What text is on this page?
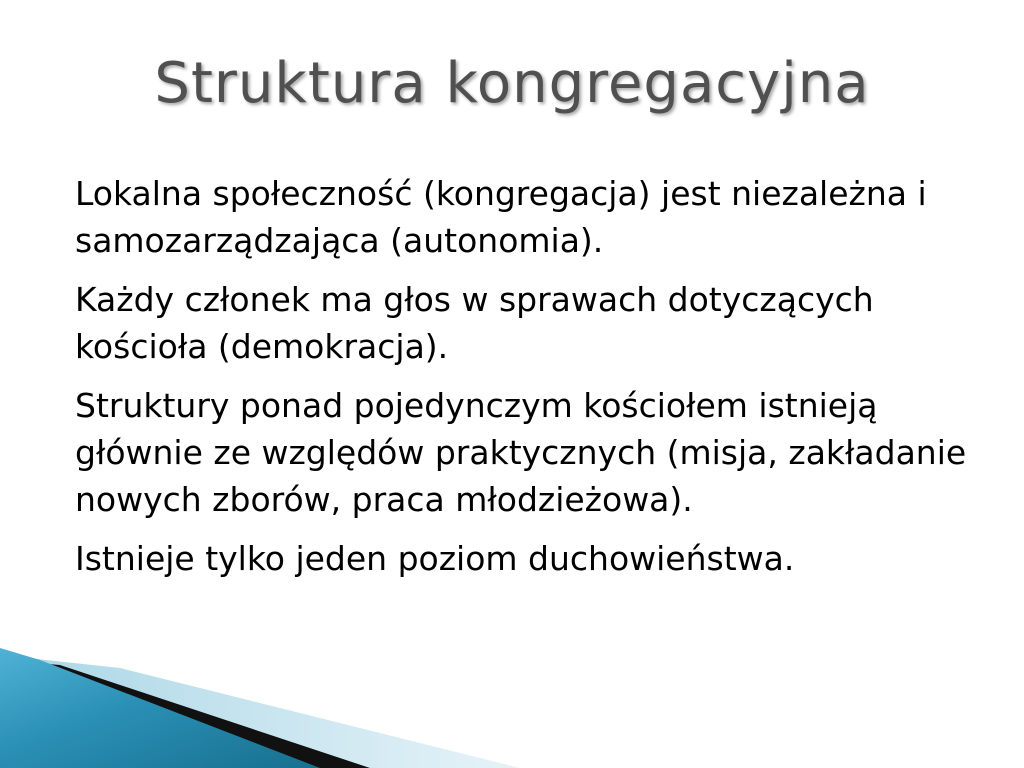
Struktura kongregacyjna

Lokalna społeczność (kongregacja) jest niezależna i samozarządzająca (autonomia).

Każdy członek ma głos w sprawach dotyczących kościoła (demokracja).

Struktury ponad pojedynczym kościołem istnieją głównie ze względów praktycznych (misja, zakładanie nowych zborów, praca młodzieżowa).

Istnieje tylko jeden poziom duchowieństwa.
